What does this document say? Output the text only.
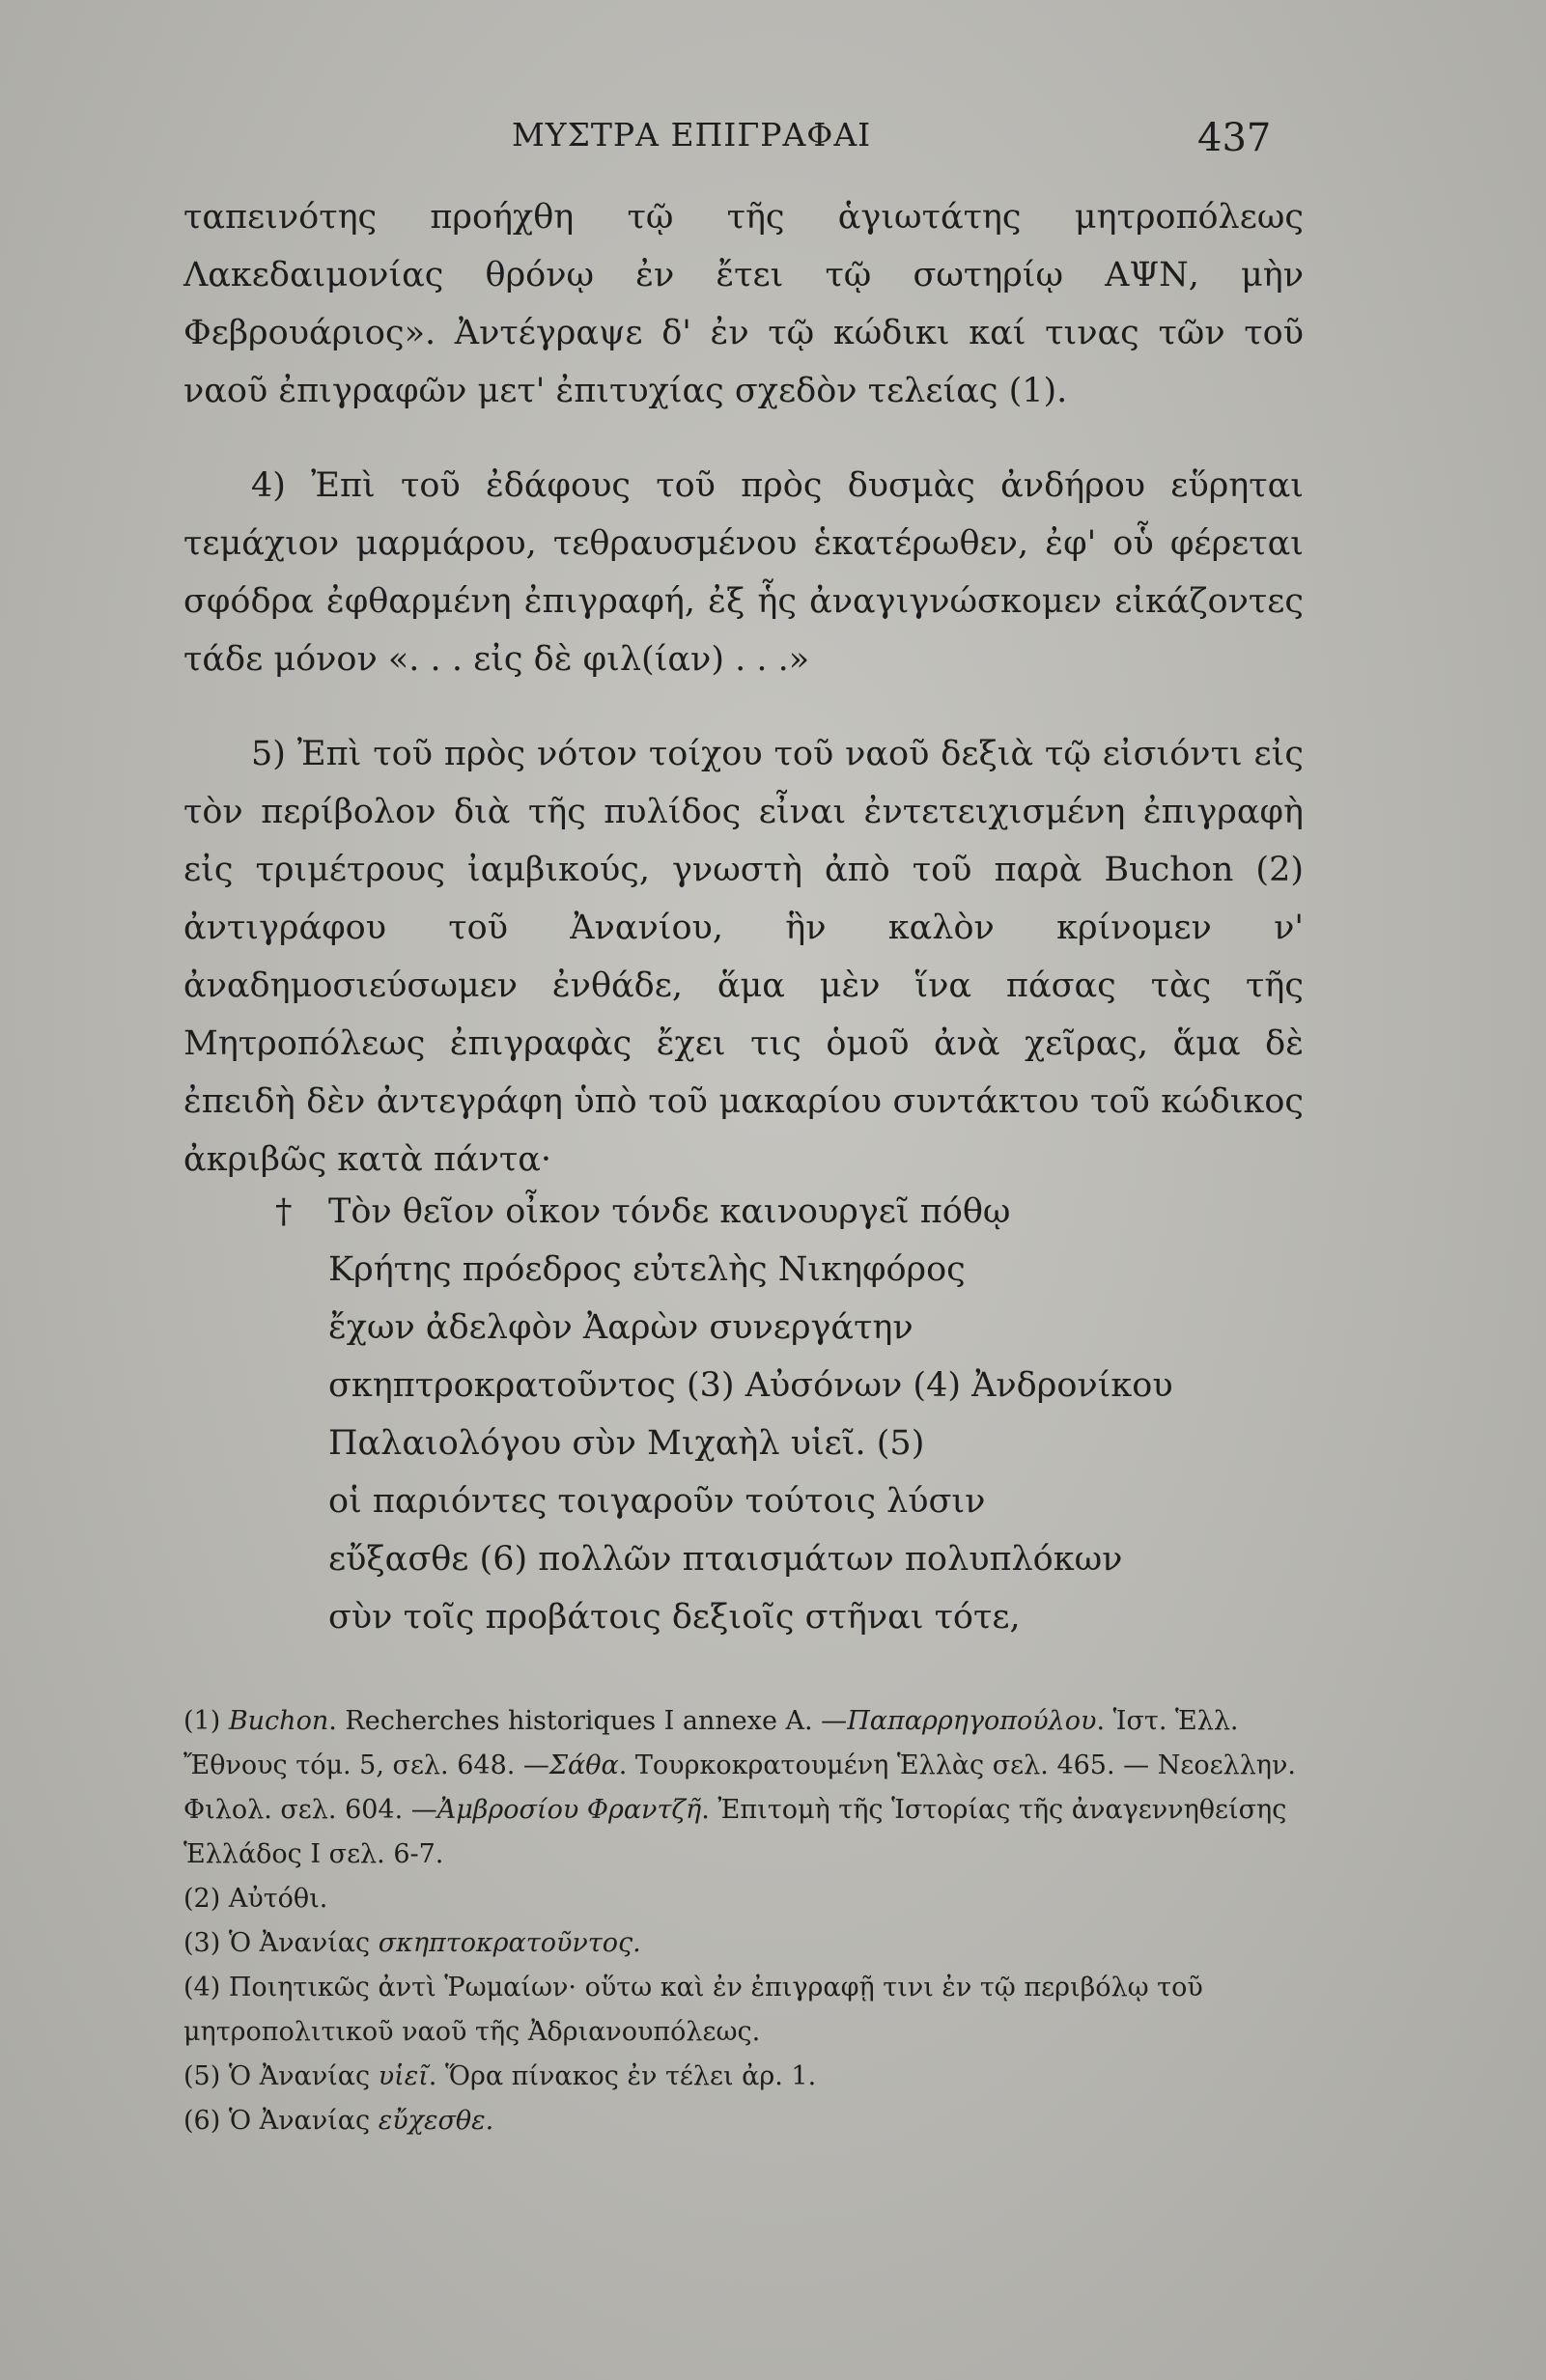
ΜΥΣΤΡΑ ΕΠΙΓΡΑΦΑΙ	437

ταπεινότης προήχθη τῷ τῆς ἁγιωτάτης μητροπόλεως Λακεδαιμονίας θρόνῳ ἐν ἔτει τῷ σωτηρίῳ ΑΨΝ, μὴν Φεβρουάριος». Ἀντέγραψε δ' ἐν τῷ κώδικι καί τινας τῶν τοῦ ναοῦ ἐπιγραφῶν μετ' ἐπιτυχίας σχεδὸν τελείας (1).

4) Ἐπὶ τοῦ ἐδάφους τοῦ πρὸς δυσμὰς ἀνδήρου εὕρηται τεμάχιον μαρμάρου, τεθραυσμένου ἑκατέρωθεν, ἐφ' οὗ φέρεται σφόδρα ἐφθαρμένη ἐπιγραφή, ἐξ ἧς ἀναγιγνώσκομεν εἰκάζοντες τάδε μόνον «. . . εἰς δὲ φιλ(ίαν) . . .»

5) Ἐπὶ τοῦ πρὸς νότον τοίχου τοῦ ναοῦ δεξιὰ τῷ εἰσιόντι εἰς τὸν περίβολον διὰ τῆς πυλίδος εἶναι ἐντετειχισμένη ἐπιγραφὴ εἰς τριμέτρους ἰαμβικούς, γνωστὴ ἀπὸ τοῦ παρὰ Buchon (2) ἀντιγράφου τοῦ Ἀνανίου, ἣν καλὸν κρίνομεν ν' ἀναδημοσιεύσωμεν ἐνθάδε, ἅμα μὲν ἵνα πάσας τὰς τῆς Μητροπόλεως ἐπιγραφὰς ἔχει τις ὁμοῦ ἀνὰ χεῖρας, ἅμα δὲ ἐπειδὴ δὲν ἀντεγράφη ὑπὸ τοῦ μακαρίου συντάκτου τοῦ κώδικος ἀκριβῶς κατὰ πάντα·

† Τὸν θεῖον οἶκον τόνδε καινουργεῖ πόθῳ
Κρήτης πρόεδρος εὐτελὴς Νικηφόρος
ἔχων ἀδελφὸν Ἀαρὼν συνεργάτην
σκηπτροκρατοῦντος (3) Αὐσόνων (4) Ἀνδρονίκου
Παλαιολόγου σὺν Μιχαὴλ υἱεῖ. (5)
οἱ παριόντες τοιγαροῦν τούτοις λύσιν
εὔξασθε (6) πολλῶν πταισμάτων πολυπλόκων
σὺν τοῖς προβάτοις δεξιοῖς στῆναι τότε,
(1) Buchon. Recherches historiques I annexe A. —Παπαρρηγοπούλου. Ἱστ. Ἑλλ. Ἔθνους τόμ. 5, σελ. 648. —Σάθα. Τουρκοκρατουμένη Ἑλλὰς σελ. 465. — Νεοελλην. Φιλολ. σελ. 604. —Ἀμβροσίου Φραντζῆ. Ἐπιτομὴ τῆς Ἱστορίας τῆς ἀναγεννηθείσης Ἑλλάδος I σελ. 6-7.
(2) Αὐτόθι.
(3) Ὁ Ἀνανίας σκηπτοκρατοῦντος.
(4) Ποιητικῶς ἀντὶ Ῥωμαίων· οὕτω καὶ ἐν ἐπιγραφῇ τινι ἐν τῷ περιβόλῳ τοῦ μητροπολιτικοῦ ναοῦ τῆς Ἀδριανουπόλεως.
(5) Ὁ Ἀνανίας υἱεῖ. Ὅρα πίνακος ἐν τέλει ἀρ. 1.
(6) Ὁ Ἀνανίας εὔχεσθε.
